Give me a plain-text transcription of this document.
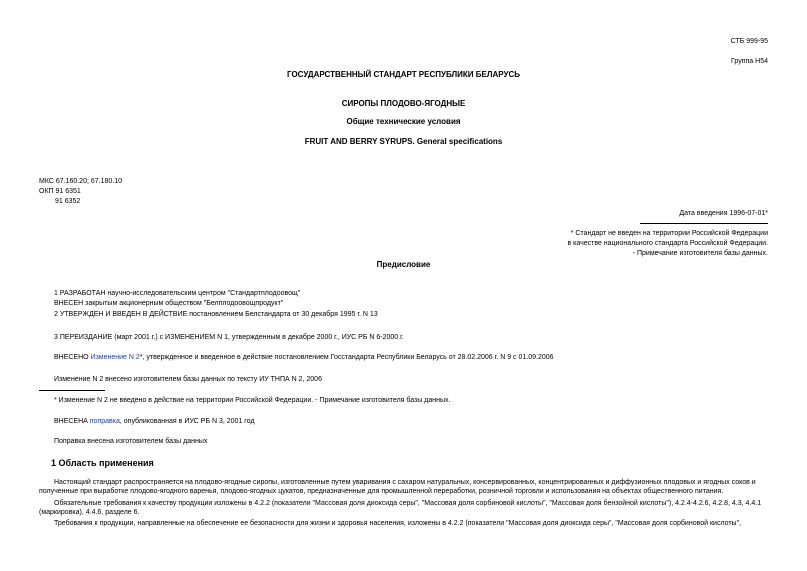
СТБ 999-95
Группа Н54
ГОСУДАРСТВЕННЫЙ СТАНДАРТ РЕСПУБЛИКИ БЕЛАРУСЬ
СИРОПЫ ПЛОДОВО-ЯГОДНЫЕ
Общие технические условия
FRUIT AND BERRY SYRUPS. General specifications
МКС 67.160.20; 67.180.10
ОКП 91 6351
91 6352
Дата введения 1996-07-01*
* Стандарт не введен на территории Российской Федерации
в качестве национального стандарта Российской Федерации.
- Примечание изготовителя базы данных.
Предисловие
1 РАЗРАБОТАН научно-исследовательским центром "Стандартплодоовощ"
ВНЕСЕН закрытым акционерным обществом "Белплодоовощпродукт"
2 УТВЕРЖДЕН И ВВЕДЕН В ДЕЙСТВИЕ постановлением Белстандарта от 30 декабря 1995 г. N 13
3 ПЕРЕИЗДАНИЕ (март 2001 г.) с ИЗМЕНЕНИЕМ N 1, утвержденным в декабре 2000 г., ИУС РБ N 6-2000 г.
ВНЕСЕНО Изменение N 2*, утвержденное и введенное в действие постановлением Госстандарта Республики Беларусь от 28.02.2006 г. N 9 с 01.09.2006
Изменение N 2 внесено изготовителем базы данных по тексту ИУ ТНПА N 2, 2006
* Изменение N 2 не введено в действие на территории Российской Федерации. - Примечание изготовителя базы данных.
ВНЕСЕНА поправка, опубликованная в ИУС РБ N 3, 2001 год
Поправка внесена изготовителем базы данных
1 Область применения
Настоящий стандарт распространяется на плодово-ягодные сиропы, изготовленные путем уваривания с сахаром натуральных, консервированных, концентрированных и диффузионных плодовых и ягодных соков и полученные при выработке плодово-ягодного варенья, плодово-ягодных цукатов, предназначенные для промышленной переработки, розничной торговли и использования на объектах общественного питания.
Обязательные требования к качеству продукции изложены в 4.2.2 (показатели "Массовая доля диоксида серы", "Массовая доля сорбиновой кислоты", "Массовая доля бензойной кислоты"), 4.2.4-4.2.6, 4.2.8, 4.3, 4.4.1 (маркировка), 4.4.6, разделе 6.
Требования к продукции, направленные на обеспечение ее безопасности для жизни и здоровья населения, изложены в 4.2.2 (показатели "Массовая доля диоксида серы", "Массовая доля сорбиновой кислоты",
